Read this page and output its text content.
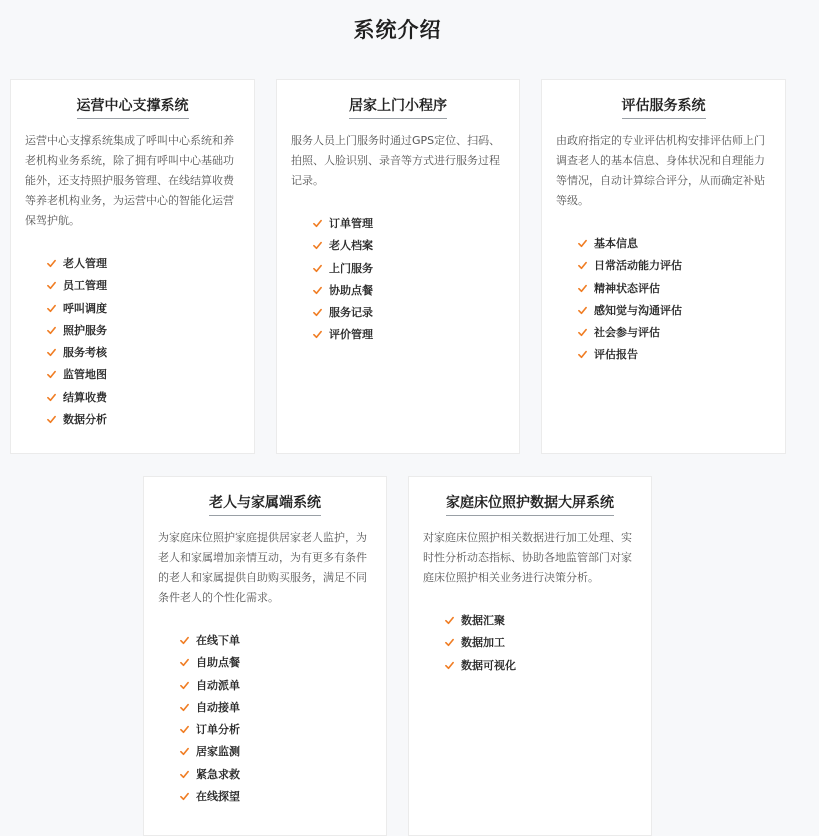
系统介绍
运营中心支撑系统
运营中心支撑系统集成了呼叫中心系统和养老机构业务系统，除了拥有呼叫中心基础功能外，还支持照护服务管理、在线结算收费等养老机构业务，为运营中心的智能化运营保驾护航。
老人管理
员工管理
呼叫调度
照护服务
服务考核
监管地图
结算收费
数据分析
居家上门小程序
服务人员上门服务时通过GPS定位、扫码、拍照、人脸识别、录音等方式进行服务过程记录。
订单管理
老人档案
上门服务
协助点餐
服务记录
评价管理
评估服务系统
由政府指定的专业评估机构安排评估师上门调查老人的基本信息、身体状况和自理能力等情况，自动计算综合评分，从而确定补贴等级。
基本信息
日常活动能力评估
精神状态评估
感知觉与沟通评估
社会参与评估
评估报告
老人与家属端系统
为家庭床位照护家庭提供居家老人监护，为老人和家属增加亲情互动，为有更多有条件的老人和家属提供自助购买服务，满足不同条件老人的个性化需求。
在线下单
自助点餐
自动派单
自动接单
订单分析
居家监测
紧急求救
在线探望
家庭床位照护数据大屏系统
对家庭床位照护相关数据进行加工处理、实时性分析动态指标、协助各地监管部门对家庭床位照护相关业务进行决策分析。
数据汇聚
数据加工
数据可视化
